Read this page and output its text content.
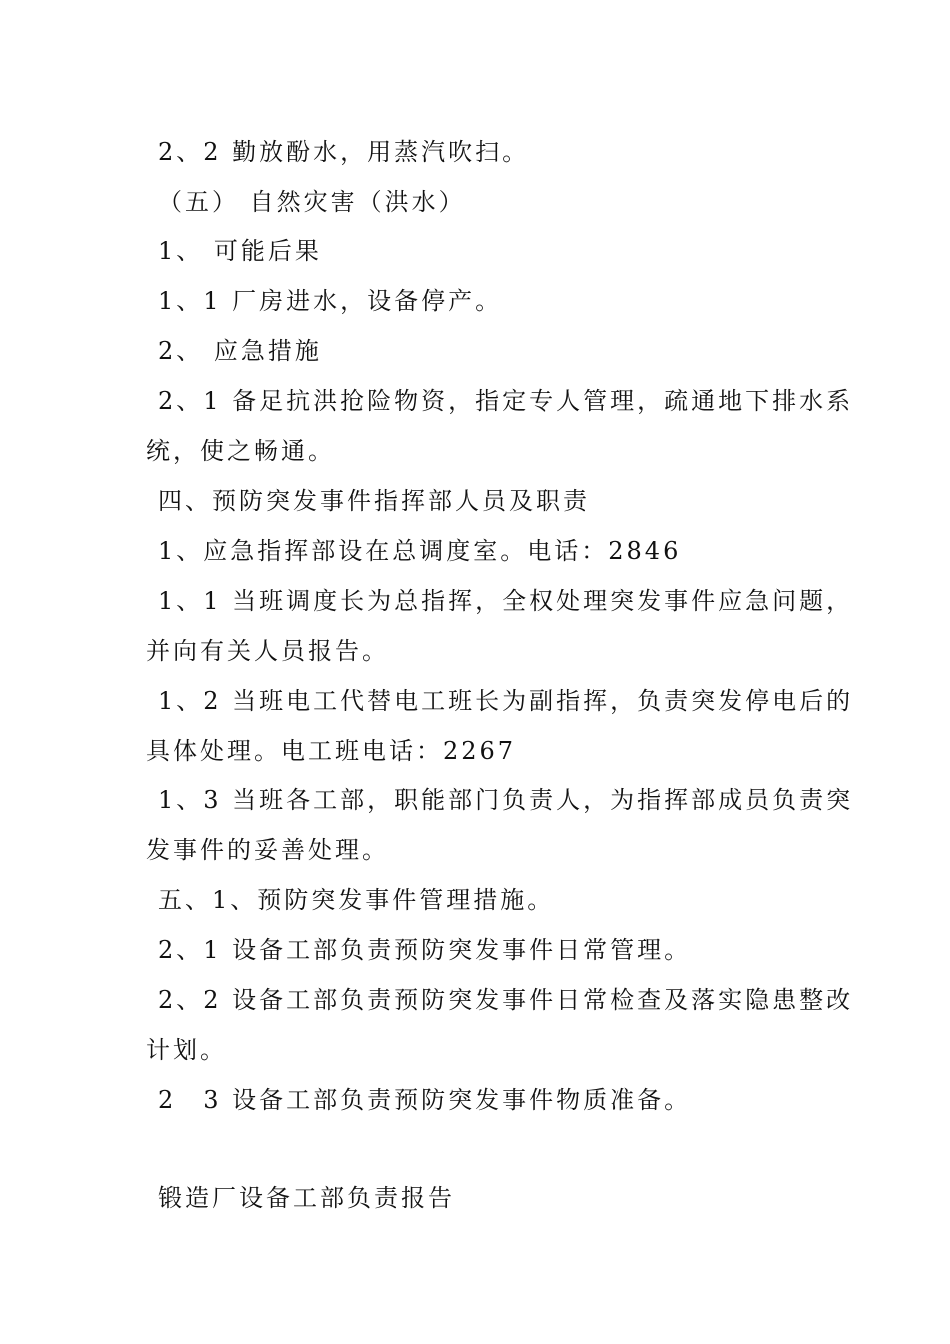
2、2 勤放酚水，用蒸汽吹扫。
（五） 自然灾害（洪水）
1、 可能后果
1、1 厂房进水，设备停产。
2、 应急措施
2、1 备足抗洪抢险物资，指定专人管理，疏通地下排水系
统，使之畅通。
四、预防突发事件指挥部人员及职责
1、应急指挥部设在总调度室。电话：2846
1、1 当班调度长为总指挥，全权处理突发事件应急问题，
并向有关人员报告。
1、2 当班电工代替电工班长为副指挥，负责突发停电后的
具体处理。电工班电话：2267
1、3 当班各工部，职能部门负责人，为指挥部成员负责突
发事件的妥善处理。
五、1、预防突发事件管理措施。
2、1 设备工部负责预防突发事件日常管理。
2、2 设备工部负责预防突发事件日常检查及落实隐患整改
计划。
2　3 设备工部负责预防突发事件物质准备。
锻造厂设备工部负责报告
